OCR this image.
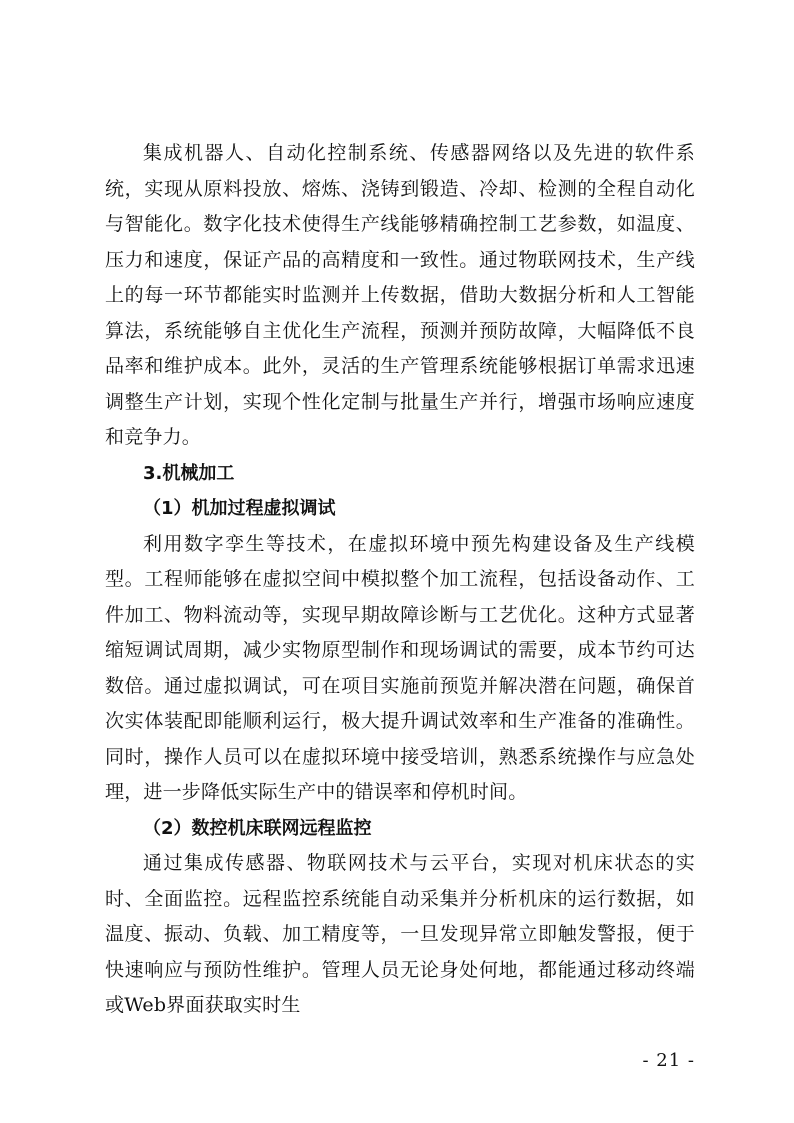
集成机器人、自动化控制系统、传感器网络以及先进的软件系统，实现从原料投放、熔炼、浇铸到锻造、冷却、检测的全程自动化与智能化。数字化技术使得生产线能够精确控制工艺参数，如温度、压力和速度，保证产品的高精度和一致性。通过物联网技术，生产线上的每一环节都能实时监测并上传数据，借助大数据分析和人工智能算法，系统能够自主优化生产流程，预测并预防故障，大幅降低不良品率和维护成本。此外，灵活的生产管理系统能够根据订单需求迅速调整生产计划，实现个性化定制与批量生产并行，增强市场响应速度和竞争力。

3.机械加工

（1）机加过程虚拟调试

利用数字孪生等技术，在虚拟环境中预先构建设备及生产线模型。工程师能够在虚拟空间中模拟整个加工流程，包括设备动作、工件加工、物料流动等，实现早期故障诊断与工艺优化。这种方式显著缩短调试周期，减少实物原型制作和现场调试的需要，成本节约可达数倍。通过虚拟调试，可在项目实施前预览并解决潜在问题，确保首次实体装配即能顺利运行，极大提升调试效率和生产准备的准确性。同时，操作人员可以在虚拟环境中接受培训，熟悉系统操作与应急处理，进一步降低实际生产中的错误率和停机时间。

（2）数控机床联网远程监控

通过集成传感器、物联网技术与云平台，实现对机床状态的实时、全面监控。远程监控系统能自动采集并分析机床的运行数据，如温度、振动、负载、加工精度等，一旦发现异常立即触发警报，便于快速响应与预防性维护。管理人员无论身处何地，都能通过移动终端或Web界面获取实时生

- 21 -
